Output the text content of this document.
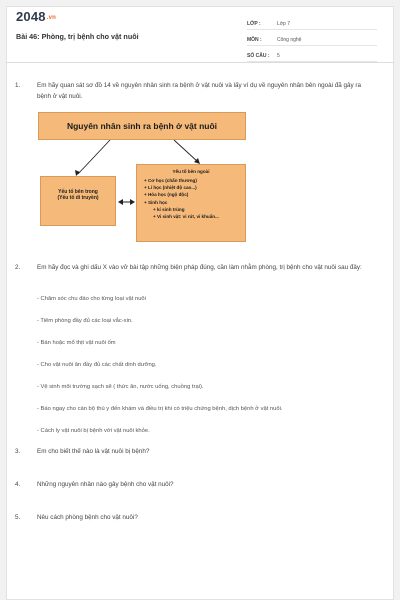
2048.vn
Bài 46: Phòng, trị bệnh cho vật nuôi
LỚP :	Lớp 7
MÔN :	Công nghệ
SỐ CÂU :	5
1.	Em hãy quan sát sơ đồ 14 về nguyên nhân sinh ra bệnh ở vật nuôi và lấy ví dụ về nguyên nhân bên ngoài đã gây ra bệnh ở vật nuôi.
Nguyên nhân sinh ra bệnh ở vật nuôi
Yếu tố bên trong
(Yếu tố di truyền)
Yếu tố bên ngoài
+ Cơ học (chấn thương)
+ Lí học (nhiệt độ cao...)
+ Hóa học (ngộ độc)
+ Sinh học
+ kí sinh trùng
+ Vi sinh vật: vi rút, vi khuẩn...
2.	Em hãy đọc và ghi dấu X vào vở bài tập những biện pháp đúng, cần làm nhằm phòng, trị bệnh cho vật nuôi sau đây:
- Chăm sóc chu đáo cho từng loại vật nuôi
- Tiêm phòng đầy đủ các loại vắc-xin.
- Bán hoặc mổ thịt vật nuôi ốm
- Cho vật nuôi ăn đầy đủ các chất dinh dưỡng.
- Vệ sinh môi trường sạch sẽ ( thức ăn, nước uống, chuồng trại).
- Báo ngay cho cán bộ thú y đến khám và điều trị khi có triệu chứng bệnh, dịch bệnh ở vật nuôi.
- Cách ly vật nuôi bị bệnh với vật nuôi khỏe.
3.	Em cho biết thế nào là vật nuôi bị bệnh?
4.	Những nguyên nhân nào gây bệnh cho vật nuôi?
5.	Nêu cách phòng bệnh cho vật nuôi?
